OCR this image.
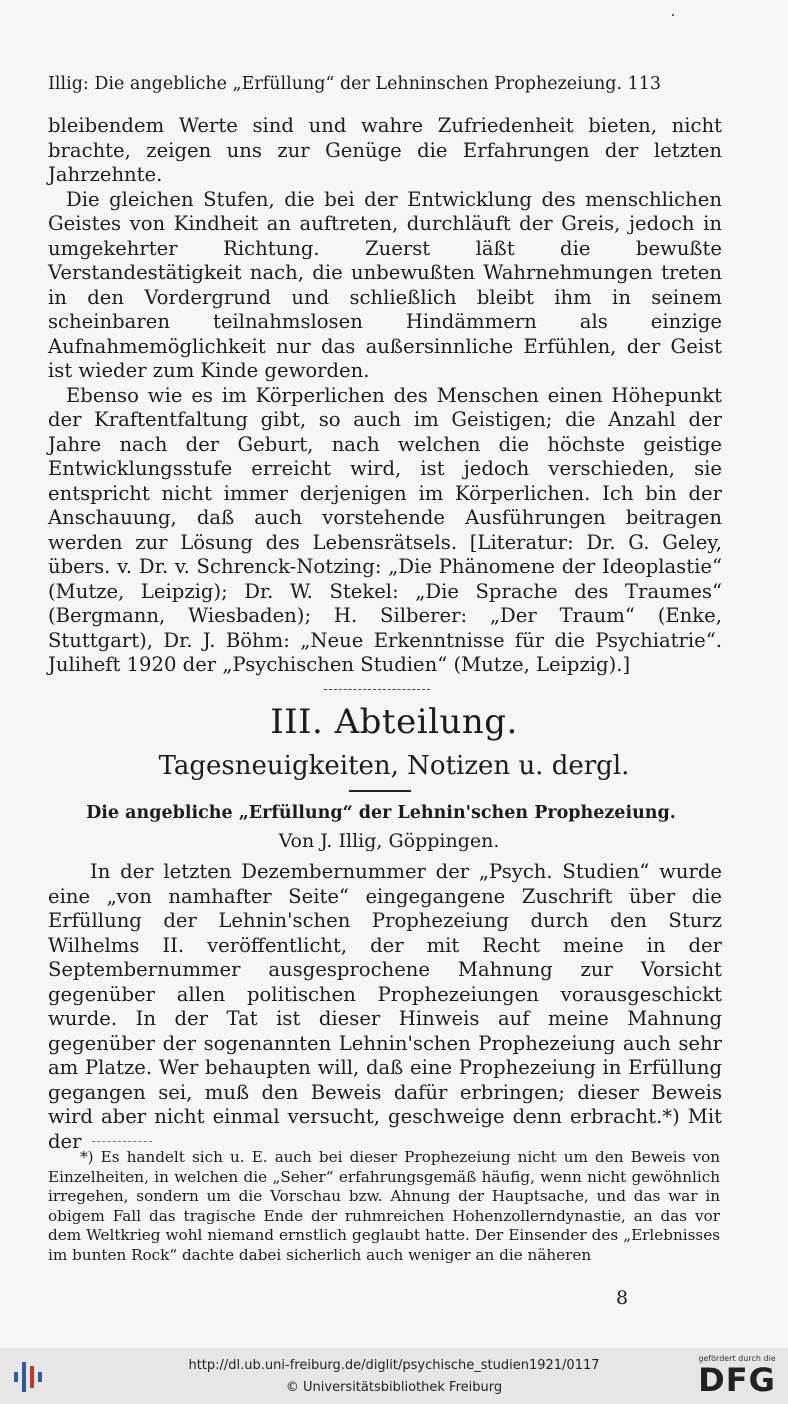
Illig: Die angebliche „Erfüllung“ der Lehninschen Prophezeiung. 113

bleibendem Werte sind und wahre Zufriedenheit bieten, nicht brachte, zeigen uns zur Genüge die Erfahrungen der letzten Jahrzehnte.

Die gleichen Stufen, die bei der Entwicklung des menschlichen Geistes von Kindheit an auftreten, durchläuft der Greis, jedoch in umgekehrter Richtung. Zuerst läßt die bewußte Verstandestätigkeit nach, die unbewußten Wahrnehmungen treten in den Vordergrund und schließlich bleibt ihm in seinem scheinbaren teilnahmslosen Hindämmern als einzige Aufnahmemöglichkeit nur das außersinnliche Erfühlen, der Geist ist wieder zum Kinde geworden.

Ebenso wie es im Körperlichen des Menschen einen Höhepunkt der Kraftentfaltung gibt, so auch im Geistigen; die Anzahl der Jahre nach der Geburt, nach welchen die höchste geistige Entwicklungsstufe erreicht wird, ist jedoch verschieden, sie entspricht nicht immer derjenigen im Körperlichen. Ich bin der Anschauung, daß auch vorstehende Ausführungen beitragen werden zur Lösung des Lebensrätsels. [Literatur: Dr. G. Geley, übers. v. Dr. v. Schrenck-Notzing: „Die Phänomene der Ideoplastie“ (Mutze, Leipzig); Dr. W. Stekel: „Die Sprache des Traumes“ (Bergmann, Wiesbaden); H. Silberer: „Der Traum“ (Enke, Stuttgart), Dr. J. Böhm: „Neue Erkenntnisse für die Psychiatrie“. Juliheft 1920 der „Psychischen Studien“ (Mutze, Leipzig).]

III. Abteilung.
Tagesneuigkeiten, Notizen u. dergl.
Die angebliche „Erfüllung“ der Lehnin'schen Prophezeiung.
Von J. Illig, Göppingen.

In der letzten Dezembernummer der „Psych. Studien“ wurde eine „von namhafter Seite“ eingegangene Zuschrift über die Erfüllung der Lehnin'schen Prophezeiung durch den Sturz Wilhelms II. veröffentlicht, der mit Recht meine in der Septembernummer ausgesprochene Mahnung zur Vorsicht gegenüber allen politischen Prophezeiungen vorausgeschickt wurde. In der Tat ist dieser Hinweis auf meine Mahnung gegenüber der sogenannten Lehnin'schen Prophezeiung auch sehr am Platze. Wer behaupten will, daß eine Prophezeiung in Erfüllung gegangen sei, muß den Beweis dafür erbringen; dieser Beweis wird aber nicht einmal versucht, geschweige denn erbracht.*) Mit der

*) Es handelt sich u. E. auch bei dieser Prophezeiung nicht um den Beweis von Einzelheiten, in welchen die „Seher“ erfahrungsgemäß häufig, wenn nicht gewöhnlich irregehen, sondern um die Vorschau bzw. Ahnung der Hauptsache, und das war in obigem Fall das tragische Ende der ruhmreichen Hohenzollerndynastie, an das vor dem Weltkrieg wohl niemand ernstlich geglaubt hatte. Der Einsender des „Erlebnisses im bunten Rock“ dachte dabei sicherlich auch weniger an die näheren

8
http://dl.ub.uni-freiburg.de/diglit/psychische_studien1921/0117
© Universitätsbibliothek Freiburg
gefördert durch die
DFG
